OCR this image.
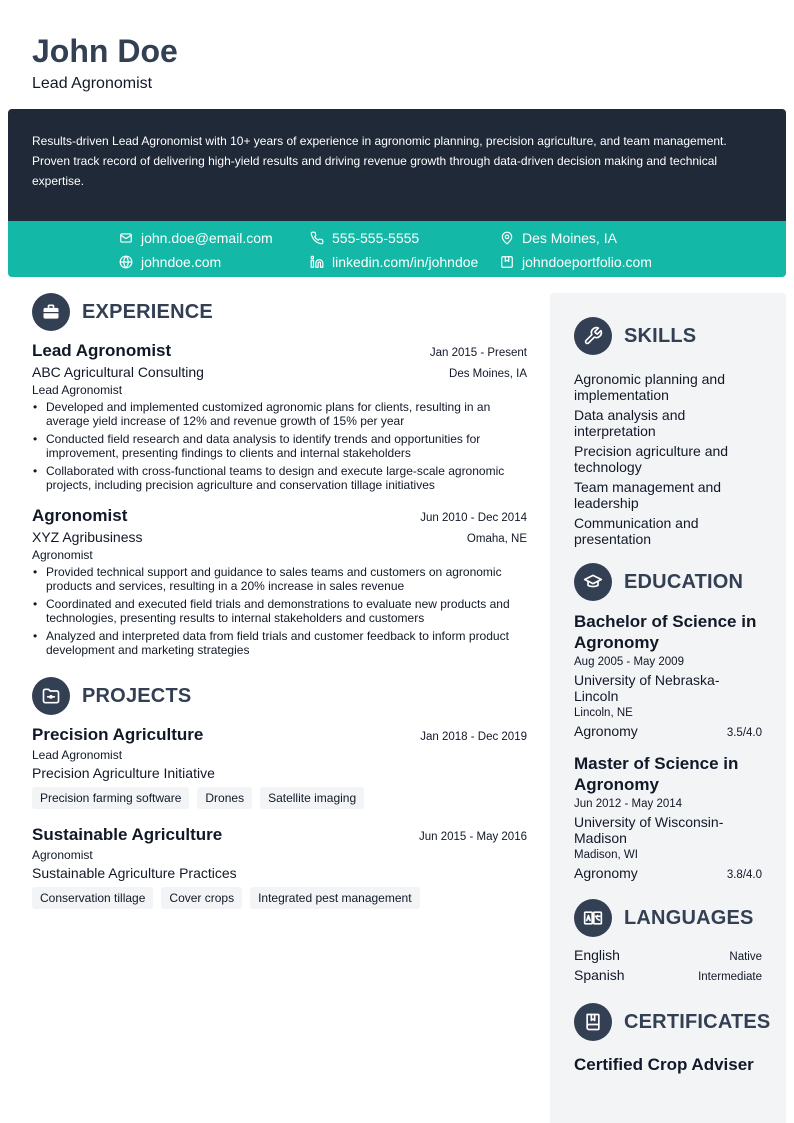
John Doe
Lead Agronomist
Results-driven Lead Agronomist with 10+ years of experience in agronomic planning, precision agriculture, and team management. Proven track record of delivering high-yield results and driving revenue growth through data-driven decision making and technical expertise.
john.doe@email.com	555-555-5555	Des Moines, IA
johndoe.com	linkedin.com/in/johndoe	johndoeportfolio.com
EXPERIENCE
Lead Agronomist	Jan 2015 - Present
ABC Agricultural Consulting	Des Moines, IA
Lead Agronomist
• Developed and implemented customized agronomic plans for clients, resulting in an average yield increase of 12% and revenue growth of 15% per year
• Conducted field research and data analysis to identify trends and opportunities for improvement, presenting findings to clients and internal stakeholders
• Collaborated with cross-functional teams to design and execute large-scale agronomic projects, including precision agriculture and conservation tillage initiatives
Agronomist	Jun 2010 - Dec 2014
XYZ Agribusiness	Omaha, NE
Agronomist
• Provided technical support and guidance to sales teams and customers on agronomic products and services, resulting in a 20% increase in sales revenue
• Coordinated and executed field trials and demonstrations to evaluate new products and technologies, presenting results to internal stakeholders and customers
• Analyzed and interpreted data from field trials and customer feedback to inform product development and marketing strategies
PROJECTS
Precision Agriculture	Jan 2018 - Dec 2019
Lead Agronomist
Precision Agriculture Initiative
Precision farming software	Drones	Satellite imaging
Sustainable Agriculture	Jun 2015 - May 2016
Agronomist
Sustainable Agriculture Practices
Conservation tillage	Cover crops	Integrated pest management
SKILLS
Agronomic planning and implementation
Data analysis and interpretation
Precision agriculture and technology
Team management and leadership
Communication and presentation
EDUCATION
Bachelor of Science in Agronomy
Aug 2005 - May 2009
University of Nebraska-Lincoln
Lincoln, NE
Agronomy	3.5/4.0
Master of Science in Agronomy
Jun 2012 - May 2014
University of Wisconsin-Madison
Madison, WI
Agronomy	3.8/4.0
LANGUAGES
English	Native
Spanish	Intermediate
CERTIFICATES
Certified Crop Adviser
